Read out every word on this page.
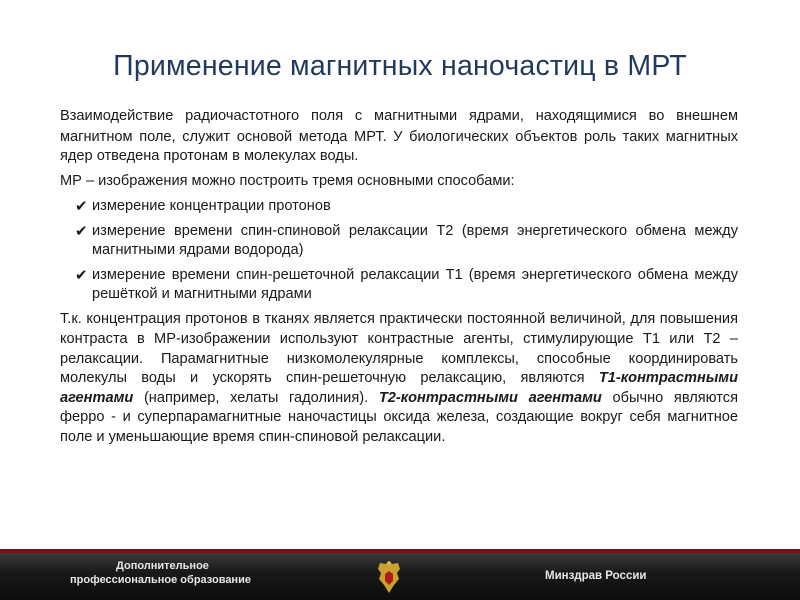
Применение магнитных наночастиц в МРТ

Взаимодействие радиочастотного поля с магнитными ядрами, находящимися во внешнем магнитном поле, служит основой метода МРТ. У биологических объектов роль таких магнитных ядер отведена протонам в молекулах воды.

МР – изображения можно построить тремя основными способами:

✔ измерение концентрации протонов
✔ измерение времени спин-спиновой релаксации Т2 (время энергетического обмена между магнитными ядрами водорода)
✔ измерение времени спин-решеточной релаксации Т1 (время энергетического обмена между решёткой и магнитными ядрами

Т.к. концентрация протонов в тканях является практически постоянной величиной, для повышения контраста в МР-изображении используют контрастные агенты, стимулирующие Т1 или Т2 – релаксации. Парамагнитные низкомолекулярные комплексы, способные координировать молекулы воды и ускорять спин-решеточную релаксацию, являются Т1-контрастными агентами (например, хелаты гадолиния). Т2-контрастными агентами обычно являются ферро - и суперпарамагнитные наночастицы оксида железа, создающие вокруг себя магнитное поле и уменьшающие время спин-спиновой релаксации.

Дополнительное
профессиональное образование	Минздрав России
